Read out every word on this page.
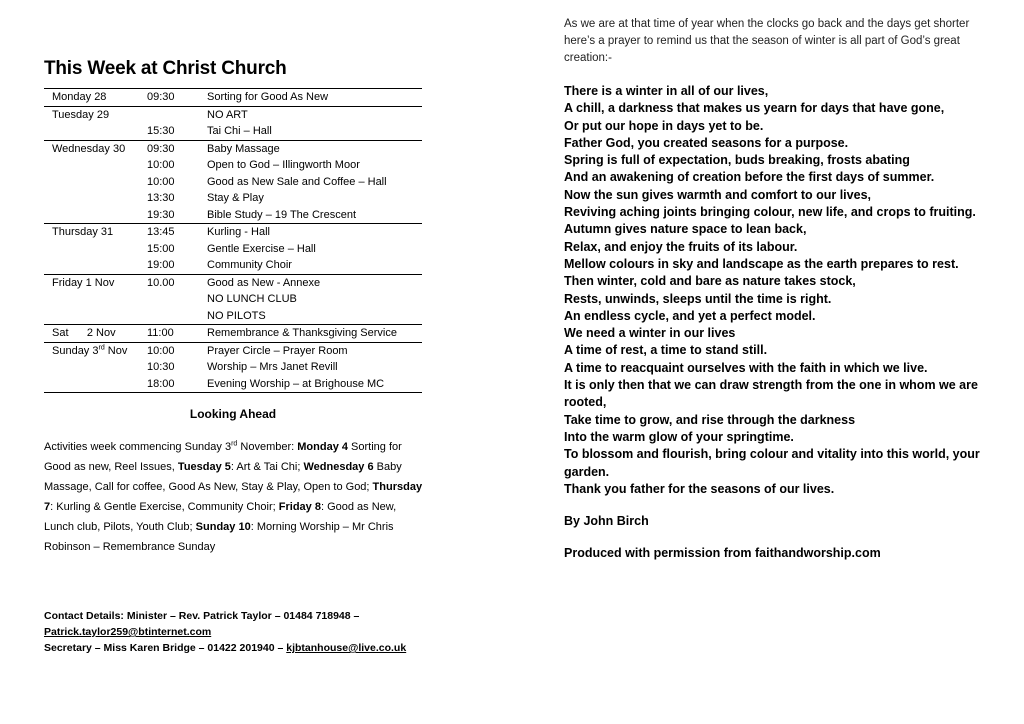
This Week at Christ Church
Monday 28	09:30	Sorting for Good As New
Tuesday 29		NO ART
	15:30	Tai Chi – Hall
Wednesday 30	09:30	Baby Massage
	10:00	Open to God – Illingworth Moor
	10:00	Good as New Sale and Coffee – Hall
	13:30	Stay & Play
	19:30	Bible Study – 19 The Crescent
Thursday 31	13:45	Kurling - Hall
	15:00	Gentle Exercise – Hall
	19:00	Community Choir
Friday 1 Nov	10.00	Good as New - Annexe
		NO LUNCH CLUB
		NO PILOTS
Sat      2 Nov	11:00	Remembrance & Thanksgiving Service
Sunday 3rd Nov	10:00	Prayer Circle – Prayer Room
	10:30	Worship – Mrs Janet Revill
	18:00	Evening Worship – at Brighouse MC
Looking Ahead
Activities week commencing Sunday 3rd November: Monday 4 Sorting for Good as new, Reel Issues, Tuesday 5: Art & Tai Chi; Wednesday 6 Baby Massage, Call for coffee, Good As New, Stay & Play, Open to God; Thursday 7: Kurling & Gentle Exercise, Community Choir; Friday 8: Good as New, Lunch club, Pilots, Youth Club; Sunday 10: Morning Worship – Mr Chris Robinson – Remembrance Sunday
Contact Details: Minister – Rev. Patrick Taylor – 01484 718948 –
Patrick.taylor259@btinternet.com
Secretary – Miss Karen Bridge – 01422 201940 – kjbtanhouse@live.co.uk
As we are at that time of year when the clocks go back and the days get shorter here’s a prayer to remind us that the season of winter is all part of God’s great creation:-
There is a winter in all of our lives,
A chill, a darkness that makes us yearn for days that have gone,
Or put our hope in days yet to be.
Father God, you created seasons for a purpose.
Spring is full of expectation, buds breaking, frosts abating
And an awakening of creation before the first days of summer.
Now the sun gives warmth and comfort to our lives,
Reviving aching joints bringing colour, new life, and crops to fruiting.
Autumn gives nature space to lean back,
Relax, and enjoy the fruits of its labour.
Mellow colours in sky and landscape as the earth prepares to rest.
Then winter, cold and bare as nature takes stock,
Rests, unwinds, sleeps until the time is right.
An endless cycle, and yet a perfect model.
We need a winter in our lives
A time of rest, a time to stand still.
A time to reacquaint ourselves with the faith in which we live.
It is only then that we can draw strength from the one in whom we are rooted,
Take time to grow, and rise through the darkness
Into the warm glow of your springtime.
To blossom and flourish, bring colour and vitality into this world, your garden.
Thank you father for the seasons of our lives.
By John Birch
Produced with permission from faithandworship.com
